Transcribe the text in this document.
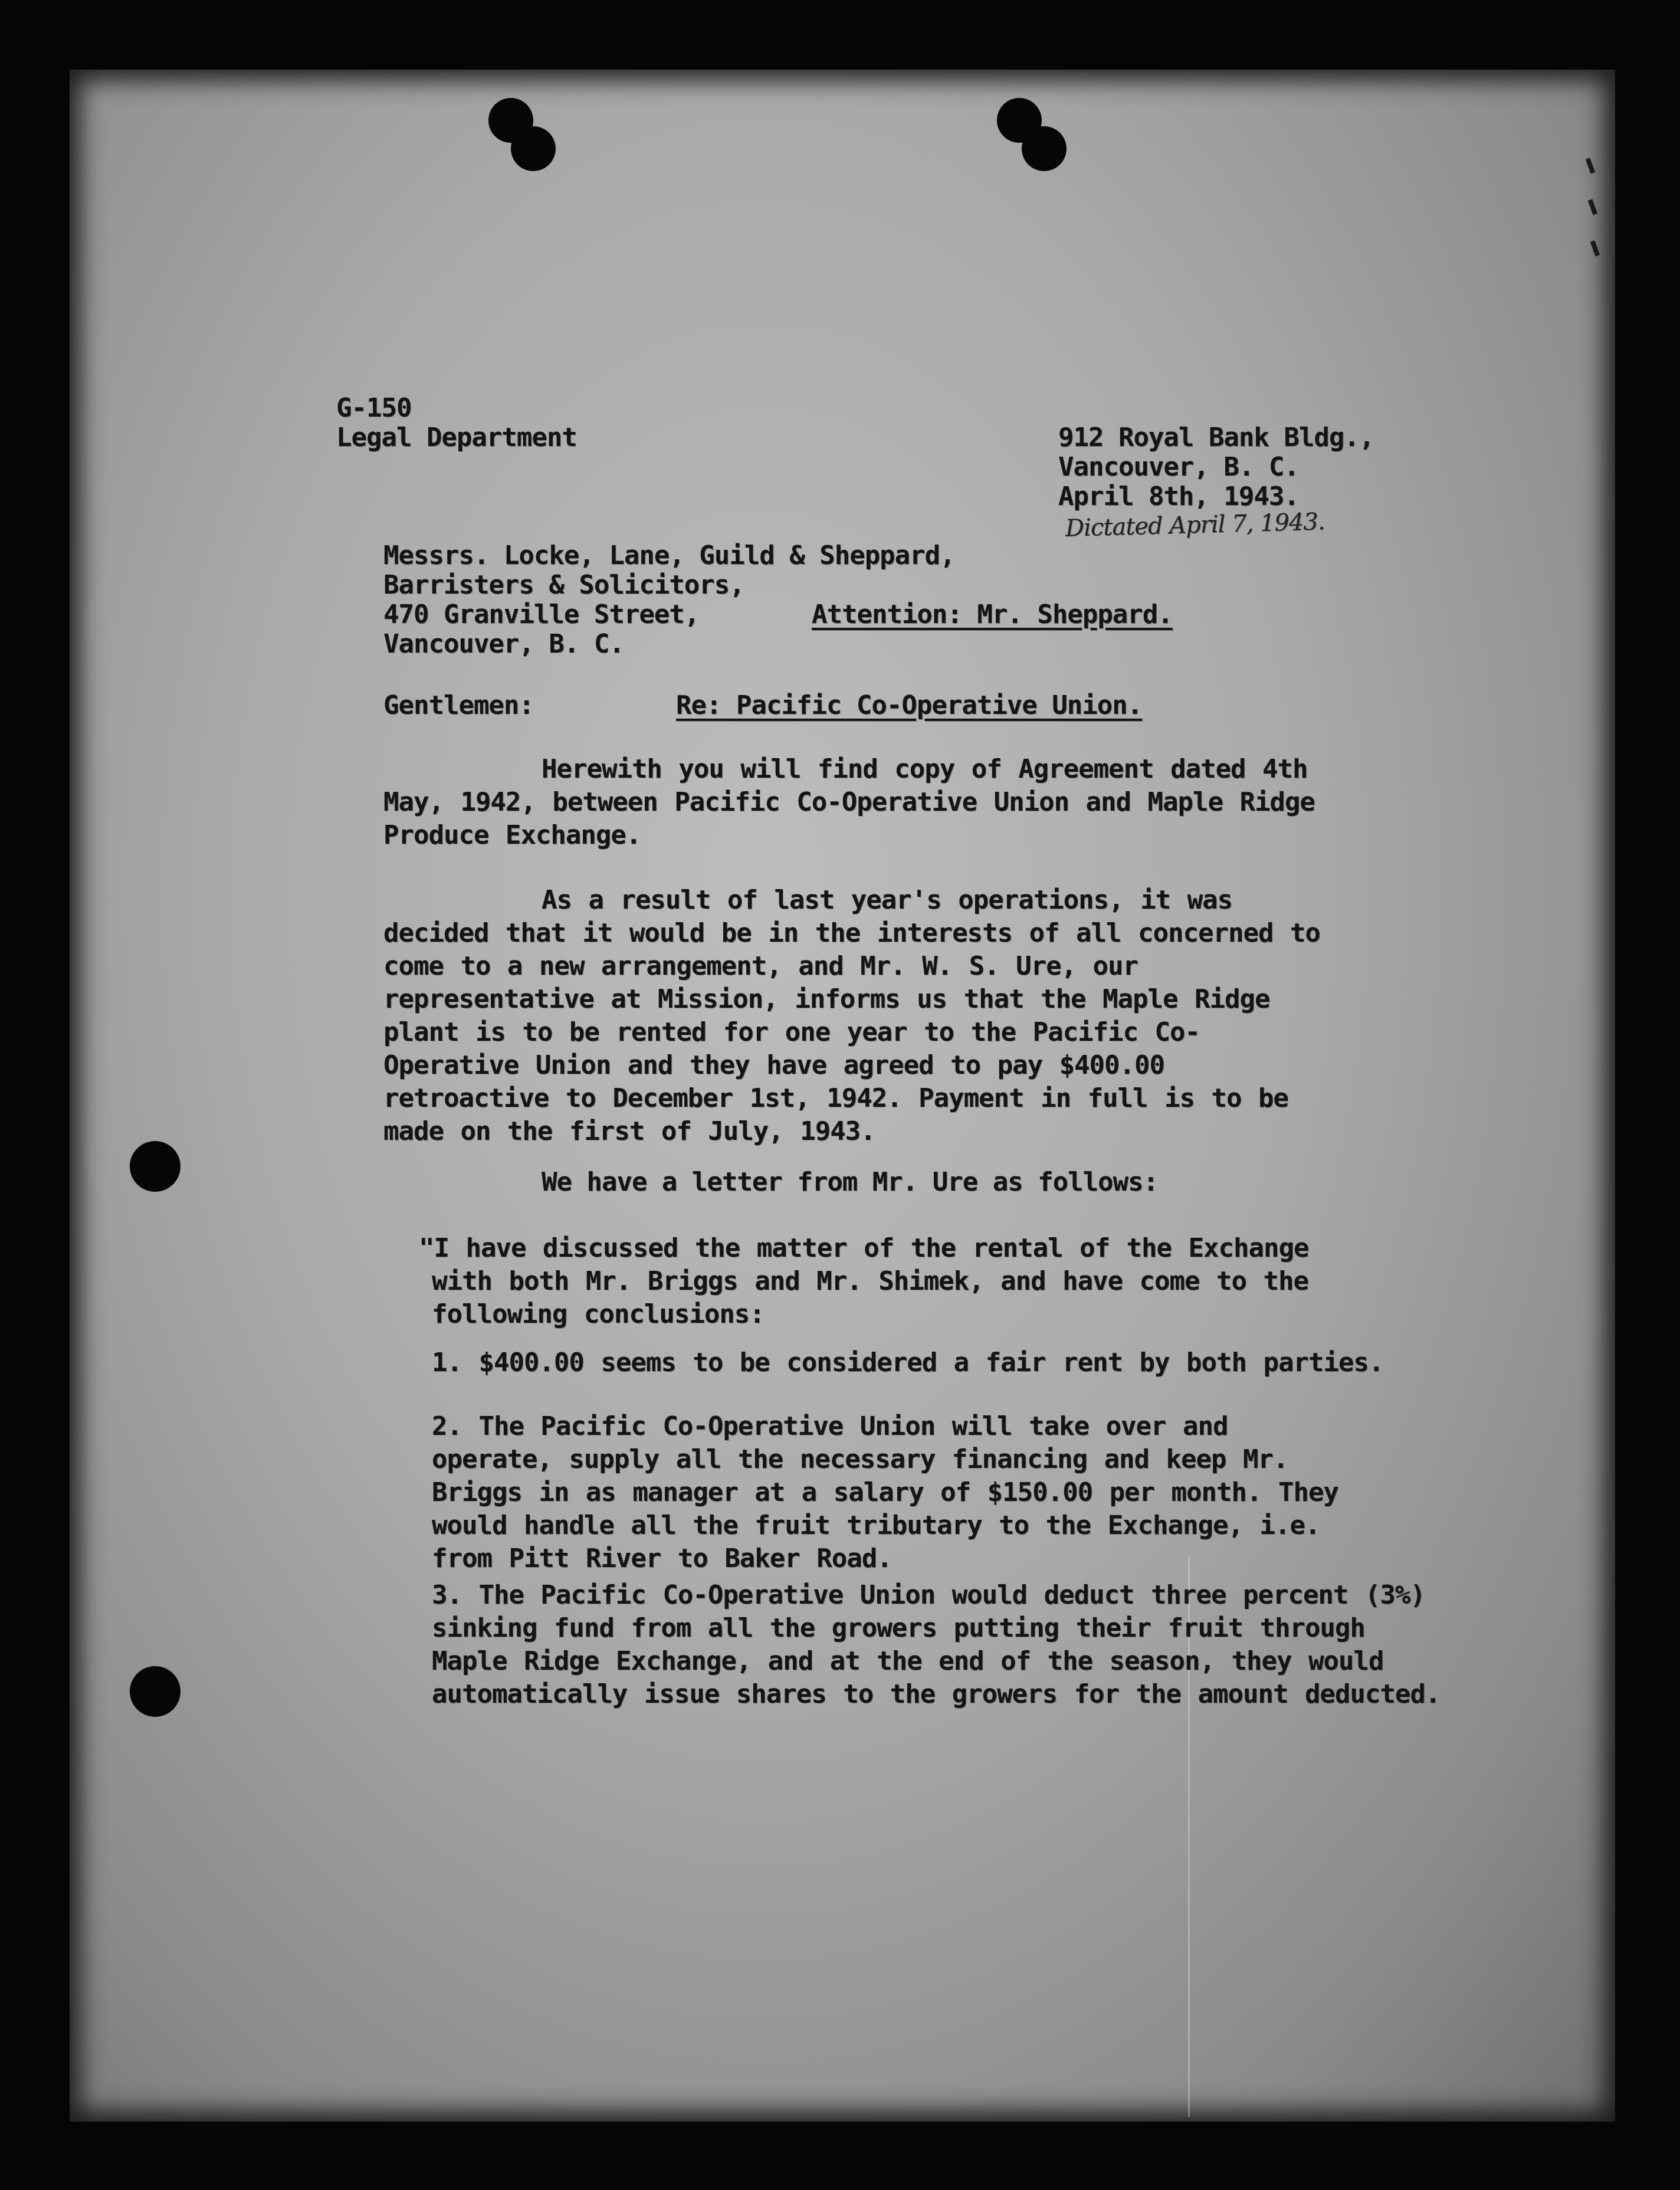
G-150
Legal Department	912 Royal Bank Bldg.,
Vancouver, B. C.
April 8th, 1943.
Dictated April 7, 1943.
Messrs. Locke, Lane, Guild & Sheppard,
Barristers & Solicitors,
470 Granville Street,
Vancouver, B. C.
Attention: Mr. Sheppard.
Gentlemen:	Re: Pacific Co-Operative Union.
Herewith you will find copy of Agreement dated 4th May, 1942, between Pacific Co-Operative Union and Maple Ridge Produce Exchange.
As a result of last year's operations, it was decided that it would be in the interests of all concerned to come to a new arrangement, and Mr. W. S. Ure, our representative at Mission, informs us that the Maple Ridge plant is to be rented for one year to the Pacific Co-Operative Union and they have agreed to pay $400.00 retroactive to December 1st, 1942. Payment in full is to be made on the first of July, 1943.
We have a letter from Mr. Ure as follows:
"I have discussed the matter of the rental of the Exchange with both Mr. Briggs and Mr. Shimek, and have come to the following conclusions:
1. $400.00 seems to be considered a fair rent by both parties.
2. The Pacific Co-Operative Union will take over and operate, supply all the necessary financing and keep Mr. Briggs in as manager at a salary of $150.00 per month. They would handle all the fruit tributary to the Exchange, i.e. from Pitt River to Baker Road.
3. The Pacific Co-Operative Union would deduct three percent (3%) sinking fund from all the growers putting their fruit through Maple Ridge Exchange, and at the end of the season, they would automatically issue shares to the growers for the amount deducted.
